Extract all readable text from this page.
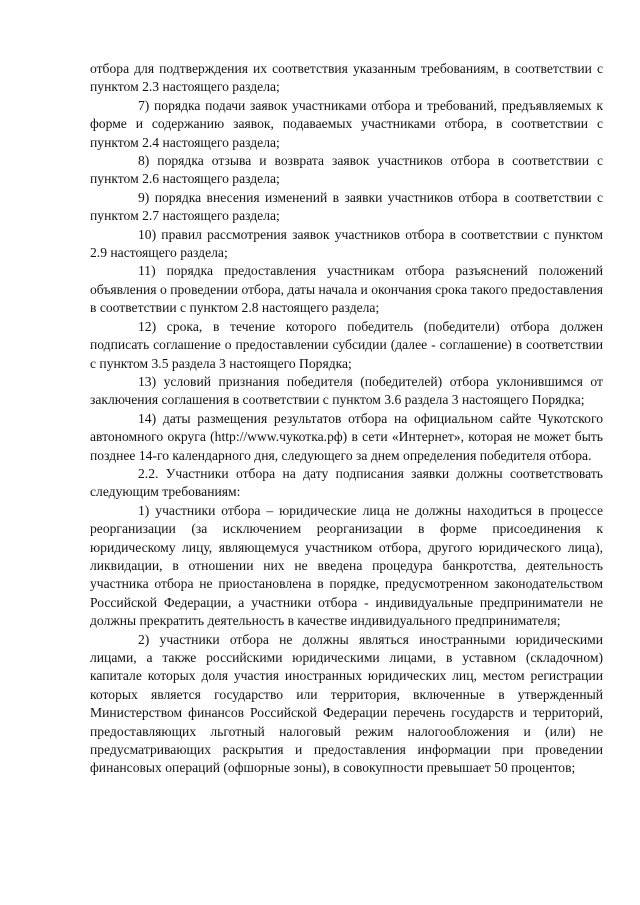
отбора для подтверждения их соответствия указанным требованиям, в соответствии с пунктом 2.3 настоящего раздела;

7) порядка подачи заявок участниками отбора и требований, предъявляемых к форме и содержанию заявок, подаваемых участниками отбора, в соответствии с пунктом 2.4 настоящего раздела;

8) порядка отзыва и возврата заявок участников отбора в соответствии с пунктом 2.6 настоящего раздела;

9) порядка внесения изменений в заявки участников отбора в соответствии с пунктом 2.7 настоящего раздела;

10) правил рассмотрения заявок участников отбора в соответствии с пунктом 2.9 настоящего раздела;

11) порядка предоставления участникам отбора разъяснений положений объявления о проведении отбора, даты начала и окончания срока такого предоставления в соответствии с пунктом 2.8 настоящего раздела;

12) срока, в течение которого победитель (победители) отбора должен подписать соглашение о предоставлении субсидии (далее - соглашение) в соответствии с пунктом 3.5 раздела 3 настоящего Порядка;

13) условий признания победителя (победителей) отбора уклонившимся от заключения соглашения в соответствии с пунктом 3.6 раздела 3 настоящего Порядка;

14) даты размещения результатов отбора на официальном сайте Чукотского автономного округа (http://www.чукотка.рф) в сети «Интернет», которая не может быть позднее 14-го календарного дня, следующего за днем определения победителя отбора.

2.2. Участники отбора на дату подписания заявки должны соответствовать следующим требованиям:

1) участники отбора – юридические лица не должны находиться в процессе реорганизации (за исключением реорганизации в форме присоединения к юридическому лицу, являющемуся участником отбора, другого юридического лица), ликвидации, в отношении них не введена процедура банкротства, деятельность участника отбора не приостановлена в порядке, предусмотренном законодательством Российской Федерации, а участники отбора - индивидуальные предприниматели не должны прекратить деятельность в качестве индивидуального предпринимателя;

2) участники отбора не должны являться иностранными юридическими лицами, а также российскими юридическими лицами, в уставном (складочном) капитале которых доля участия иностранных юридических лиц, местом регистрации которых является государство или территория, включенные в утвержденный Министерством финансов Российской Федерации перечень государств и территорий, предоставляющих льготный налоговый режим налогообложения и (или) не предусматривающих раскрытия и предоставления информации при проведении финансовых операций (офшорные зоны), в совокупности превышает 50 процентов;
